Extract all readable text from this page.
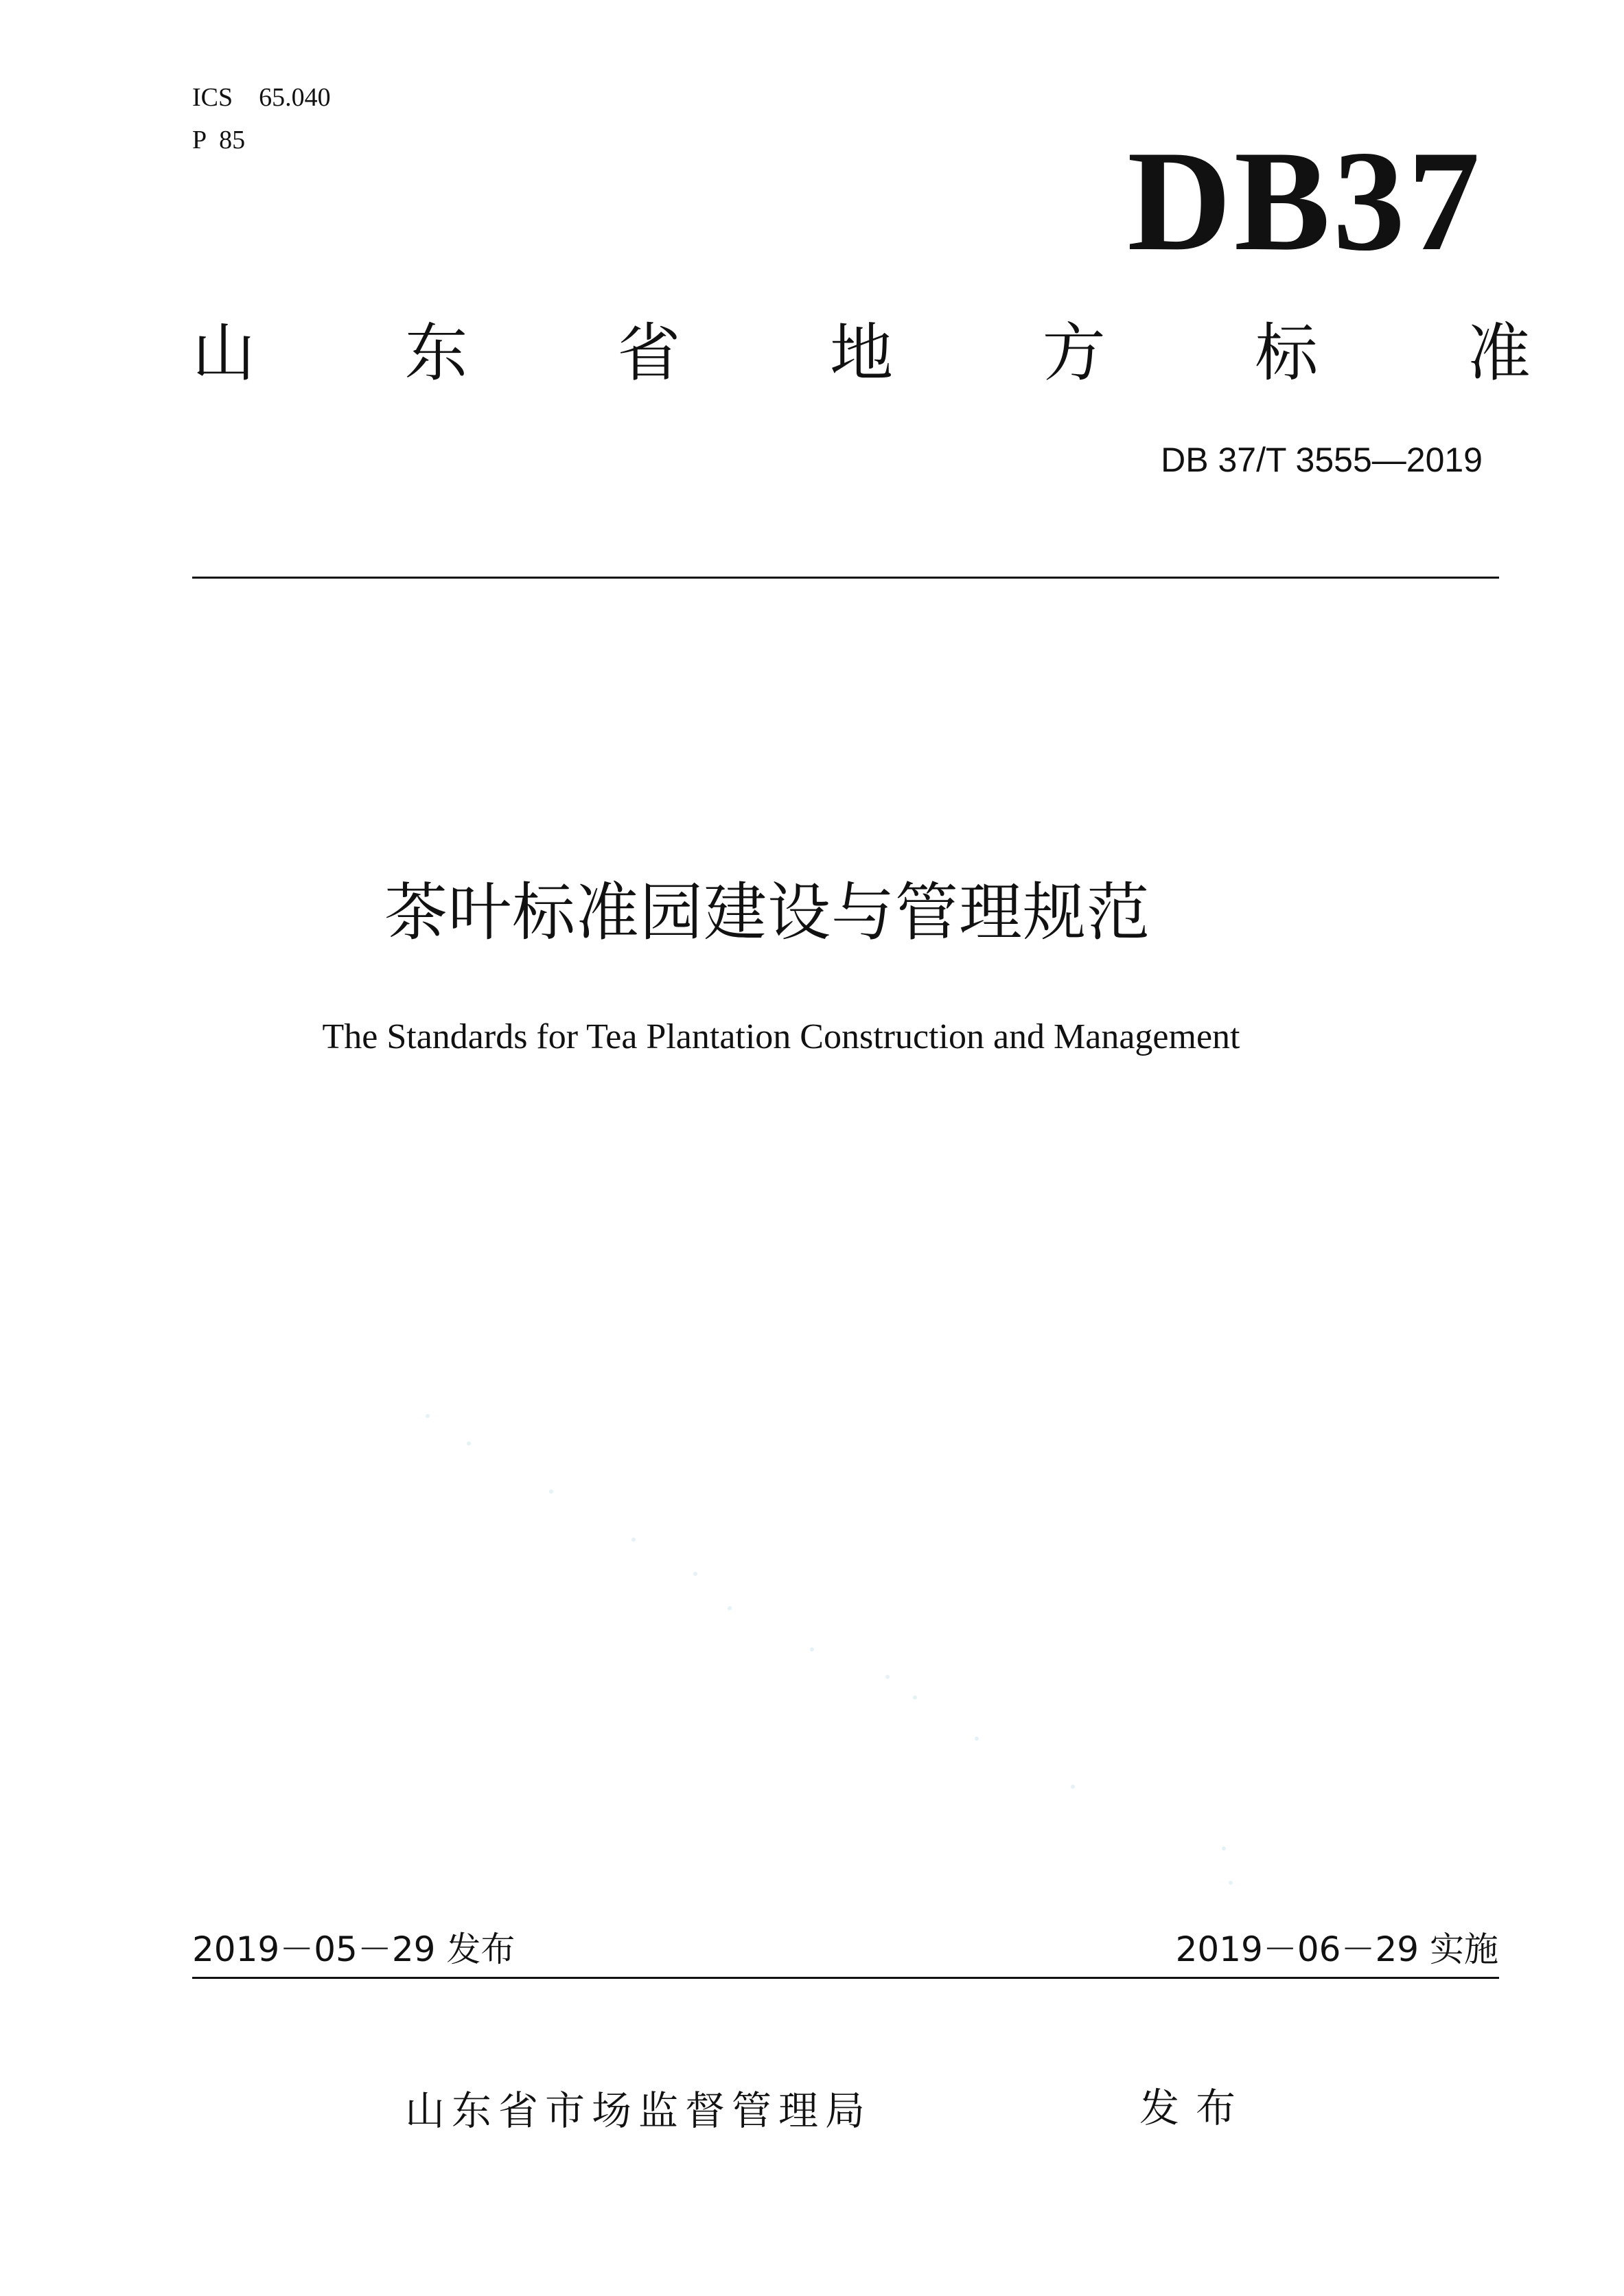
ICS 65.040
P 85	DB37
山 东 省 地 方 标 准
DB 37/T 3555—2019
茶叶标准园建设与管理规范
The Standards for Tea Plantation Construction and Management
2019－05－29 发布	2019－06－29 实施
山东省市场监督管理局	发布
